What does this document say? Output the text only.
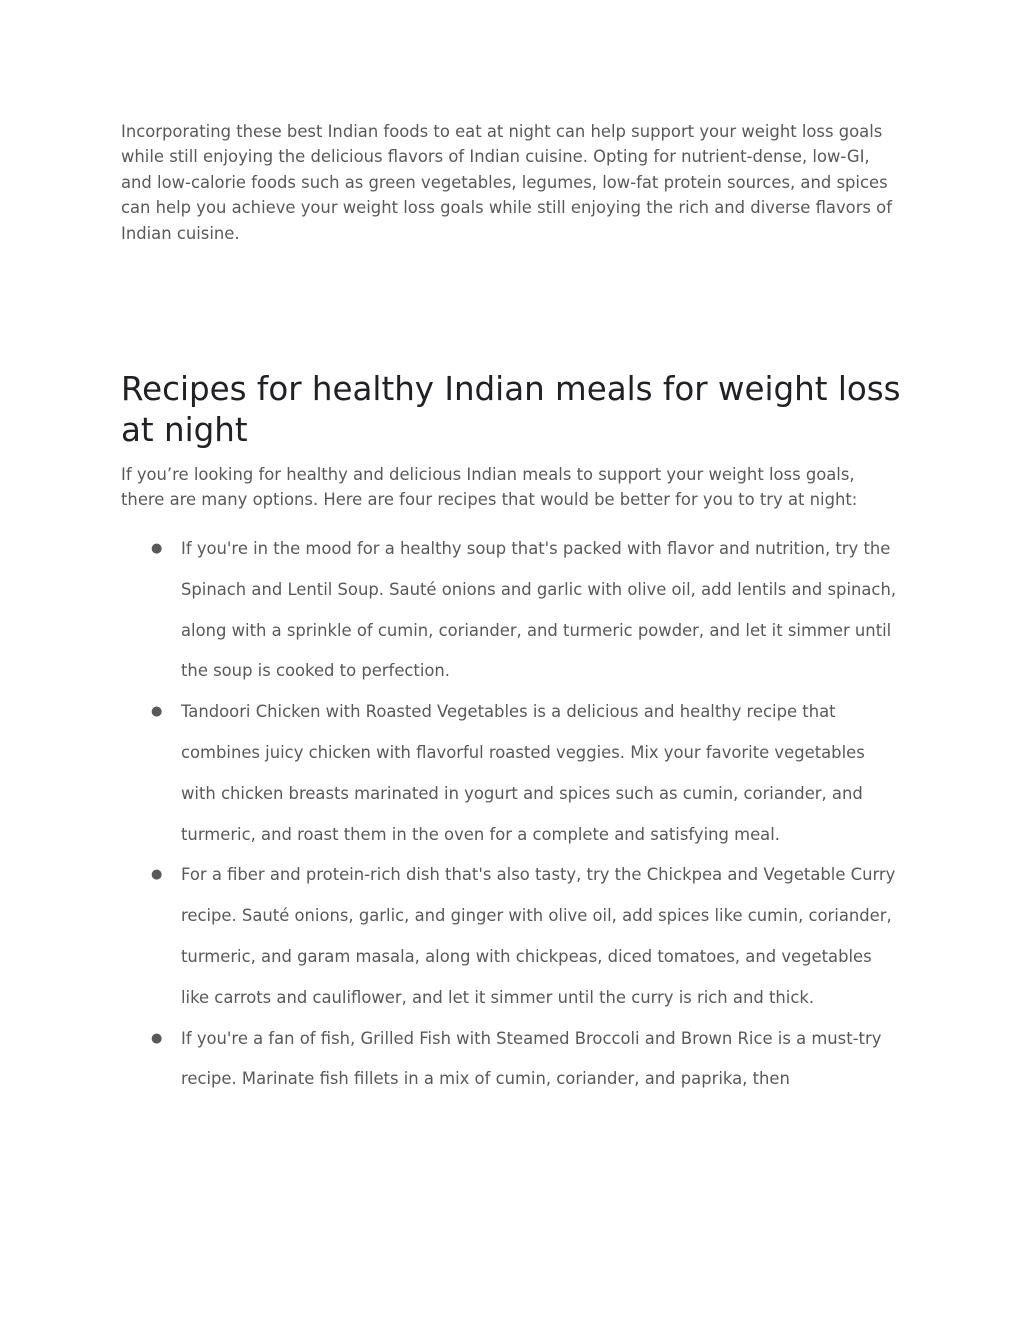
Incorporating these best Indian foods to eat at night can help support your weight loss goals while still enjoying the delicious flavors of Indian cuisine. Opting for nutrient-dense, low-GI, and low-calorie foods such as green vegetables, legumes, low-fat protein sources, and spices can help you achieve your weight loss goals while still enjoying the rich and diverse flavors of Indian cuisine.

Recipes for healthy Indian meals for weight loss at night

If you’re looking for healthy and delicious Indian meals to support your weight loss goals, there are many options. Here are four recipes that would be better for you to try at night:

● If you're in the mood for a healthy soup that's packed with flavor and nutrition, try the Spinach and Lentil Soup. Sauté onions and garlic with olive oil, add lentils and spinach, along with a sprinkle of cumin, coriander, and turmeric powder, and let it simmer until the soup is cooked to perfection.
● Tandoori Chicken with Roasted Vegetables is a delicious and healthy recipe that combines juicy chicken with flavorful roasted veggies. Mix your favorite vegetables with chicken breasts marinated in yogurt and spices such as cumin, coriander, and turmeric, and roast them in the oven for a complete and satisfying meal.
● For a fiber and protein-rich dish that's also tasty, try the Chickpea and Vegetable Curry recipe. Sauté onions, garlic, and ginger with olive oil, add spices like cumin, coriander, turmeric, and garam masala, along with chickpeas, diced tomatoes, and vegetables like carrots and cauliflower, and let it simmer until the curry is rich and thick.
● If you're a fan of fish, Grilled Fish with Steamed Broccoli and Brown Rice is a must-try recipe. Marinate fish fillets in a mix of cumin, coriander, and paprika, then
